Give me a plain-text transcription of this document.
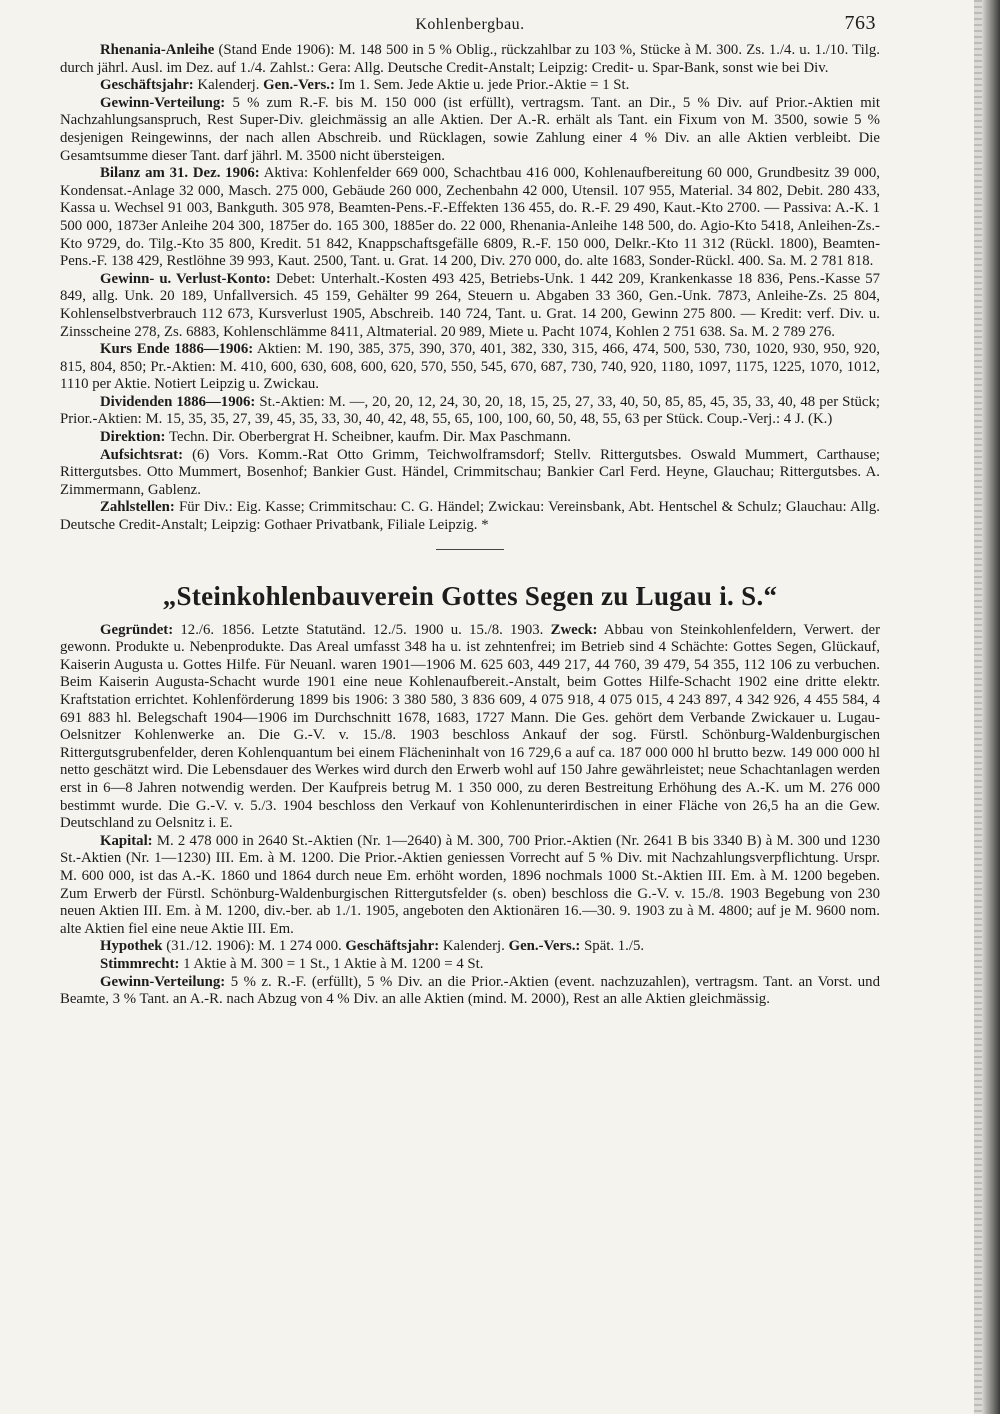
Kohlenbergbau.	763

Rhenania-Anleihe (Stand Ende 1906): M. 148 500 in 5 % Oblig., rückzahlbar zu 103 %, Stücke à M. 300. Zs. 1./4. u. 1./10. Tilg. durch jährl. Ausl. im Dez. auf 1./4. Zahlst.: Gera: Allg. Deutsche Credit-Anstalt; Leipzig: Credit- u. Spar-Bank, sonst wie bei Div.

Geschäftsjahr: Kalenderj. Gen.-Vers.: Im 1. Sem. Jede Aktie u. jede Prior.-Aktie = 1 St.

Gewinn-Verteilung: 5 % zum R.-F. bis M. 150 000 (ist erfüllt), vertragsm. Tant. an Dir., 5 % Div. auf Prior.-Aktien mit Nachzahlungsanspruch, Rest Super-Div. gleichmässig an alle Aktien. Der A.-R. erhält als Tant. ein Fixum von M. 3500, sowie 5 % desjenigen Reingewinns, der nach allen Abschreib. und Rücklagen, sowie Zahlung einer 4 % Div. an alle Aktien verbleibt. Die Gesamtsumme dieser Tant. darf jährl. M. 3500 nicht übersteigen.

Bilanz am 31. Dez. 1906: Aktiva: Kohlenfelder 669 000, Schachtbau 416 000, Kohlenaufbereitung 60 000, Grundbesitz 39 000, Kondensat.-Anlage 32 000, Masch. 275 000, Gebäude 260 000, Zechenbahn 42 000, Utensil. 107 955, Material. 34 802, Debit. 280 433, Kassa u. Wechsel 91 003, Bankguth. 305 978, Beamten-Pens.-F.-Effekten 136 455, do. R.-F. 29 490, Kaut.-Kto 2700. — Passiva: A.-K. 1 500 000, 1873er Anleihe 204 300, 1875er do. 165 300, 1885er do. 22 000, Rhenania-Anleihe 148 500, do. Agio-Kto 5418, Anleihen-Zs.-Kto 9729, do. Tilg.-Kto 35 800, Kredit. 51 842, Knappschaftsgefälle 6809, R.-F. 150 000, Delkr.-Kto 11 312 (Rückl. 1800), Beamten-Pens.-F. 138 429, Restlöhne 39 993, Kaut. 2500, Tant. u. Grat. 14 200, Div. 270 000, do. alte 1683, Sonder-Rückl. 400. Sa. M. 2 781 818.

Gewinn- u. Verlust-Konto: Debet: Unterhalt.-Kosten 493 425, Betriebs-Unk. 1 442 209, Krankenkasse 18 836, Pens.-Kasse 57 849, allg. Unk. 20 189, Unfallversich. 45 159, Gehälter 99 264, Steuern u. Abgaben 33 360, Gen.-Unk. 7873, Anleihe-Zs. 25 804, Kohlenselbstverbrauch 112 673, Kursverlust 1905, Abschreib. 140 724, Tant. u. Grat. 14 200, Gewinn 275 800. — Kredit: verf. Div. u. Zinsscheine 278, Zs. 6883, Kohlenschlämme 8411, Altmaterial. 20 989, Miete u. Pacht 1074, Kohlen 2 751 638. Sa. M. 2 789 276.

Kurs Ende 1886—1906: Aktien: M. 190, 385, 375, 390, 370, 401, 382, 330, 315, 466, 474, 500, 530, 730, 1020, 930, 950, 920, 815, 804, 850; Pr.-Aktien: M. 410, 600, 630, 608, 600, 620, 570, 550, 545, 670, 687, 730, 740, 920, 1180, 1097, 1175, 1225, 1070, 1012, 1110 per Aktie. Notiert Leipzig u. Zwickau.

Dividenden 1886—1906: St.-Aktien: M. —, 20, 20, 12, 24, 30, 20, 18, 15, 25, 27, 33, 40, 50, 85, 85, 45, 35, 33, 40, 48 per Stück; Prior.-Aktien: M. 15, 35, 35, 27, 39, 45, 35, 33, 30, 40, 42, 48, 55, 65, 100, 100, 60, 50, 48, 55, 63 per Stück. Coup.-Verj.: 4 J. (K.)

Direktion: Techn. Dir. Oberbergrat H. Scheibner, kaufm. Dir. Max Paschmann.

Aufsichtsrat: (6) Vors. Komm.-Rat Otto Grimm, Teichwolframsdorf; Stellv. Rittergutsbes. Oswald Mummert, Carthause; Rittergutsbes. Otto Mummert, Bosenhof; Bankier Gust. Händel, Crimmitschau; Bankier Carl Ferd. Heyne, Glauchau; Rittergutsbes. A. Zimmermann, Gablenz.

Zahlstellen: Für Div.: Eig. Kasse; Crimmitschau: C. G. Händel; Zwickau: Vereinsbank, Abt. Hentschel & Schulz; Glauchau: Allg. Deutsche Credit-Anstalt; Leipzig: Gothaer Privatbank, Filiale Leipzig. *

„Steinkohlenbauverein Gottes Segen zu Lugau i. S.“

Gegründet: 12./6. 1856. Letzte Statutänd. 12./5. 1900 u. 15./8. 1903. Zweck: Abbau von Steinkohlenfeldern, Verwert. der gewonn. Produkte u. Nebenprodukte. Das Areal umfasst 348 ha u. ist zehntenfrei; im Betrieb sind 4 Schächte: Gottes Segen, Glückauf, Kaiserin Augusta u. Gottes Hilfe. Für Neuanl. waren 1901—1906 M. 625 603, 449 217, 44 760, 39 479, 54 355, 112 106 zu verbuchen. Beim Kaiserin Augusta-Schacht wurde 1901 eine neue Kohlenaufbereit.-Anstalt, beim Gottes Hilfe-Schacht 1902 eine dritte elektr. Kraftstation errichtet. Kohlenförderung 1899 bis 1906: 3 380 580, 3 836 609, 4 075 918, 4 075 015, 4 243 897, 4 342 926, 4 455 584, 4 691 883 hl. Belegschaft 1904—1906 im Durchschnitt 1678, 1683, 1727 Mann. Die Ges. gehört dem Verbande Zwickauer u. Lugau-Oelsnitzer Kohlenwerke an. Die G.-V. v. 15./8. 1903 beschloss Ankauf der sog. Fürstl. Schönburg-Waldenburgischen Rittergutsgrubenfelder, deren Kohlenquantum bei einem Flächeninhalt von 16 729,6 a auf ca. 187 000 000 hl brutto bezw. 149 000 000 hl netto geschätzt wird. Die Lebensdauer des Werkes wird durch den Erwerb wohl auf 150 Jahre gewährleistet; neue Schachtanlagen werden erst in 6—8 Jahren notwendig werden. Der Kaufpreis betrug M. 1 350 000, zu deren Bestreitung Erhöhung des A.-K. um M. 276 000 bestimmt wurde. Die G.-V. v. 5./3. 1904 beschloss den Verkauf von Kohlenunterirdischen in einer Fläche von 26,5 ha an die Gew. Deutschland zu Oelsnitz i. E.

Kapital: M. 2 478 000 in 2640 St.-Aktien (Nr. 1—2640) à M. 300, 700 Prior.-Aktien (Nr. 2641 B bis 3340 B) à M. 300 und 1230 St.-Aktien (Nr. 1—1230) III. Em. à M. 1200. Die Prior.-Aktien geniessen Vorrecht auf 5 % Div. mit Nachzahlungsverpflichtung. Urspr. M. 600 000, ist das A.-K. 1860 und 1864 durch neue Em. erhöht worden, 1896 nochmals 1000 St.-Aktien III. Em. à M. 1200 begeben. Zum Erwerb der Fürstl. Schönburg-Waldenburgischen Rittergutsfelder (s. oben) beschloss die G.-V. v. 15./8. 1903 Begebung von 230 neuen Aktien III. Em. à M. 1200, div.-ber. ab 1./1. 1905, angeboten den Aktionären 16.—30. 9. 1903 zu à M. 4800; auf je M. 9600 nom. alte Aktien fiel eine neue Aktie III. Em.

Hypothek (31./12. 1906): M. 1 274 000. Geschäftsjahr: Kalenderj. Gen.-Vers.: Spät. 1./5.

Stimmrecht: 1 Aktie à M. 300 = 1 St., 1 Aktie à M. 1200 = 4 St.

Gewinn-Verteilung: 5 % z. R.-F. (erfüllt), 5 % Div. an die Prior.-Aktien (event. nachzuzahlen), vertragsm. Tant. an Vorst. und Beamte, 3 % Tant. an A.-R. nach Abzug von 4 % Div. an alle Aktien (mind. M. 2000), Rest an alle Aktien gleichmässig.
